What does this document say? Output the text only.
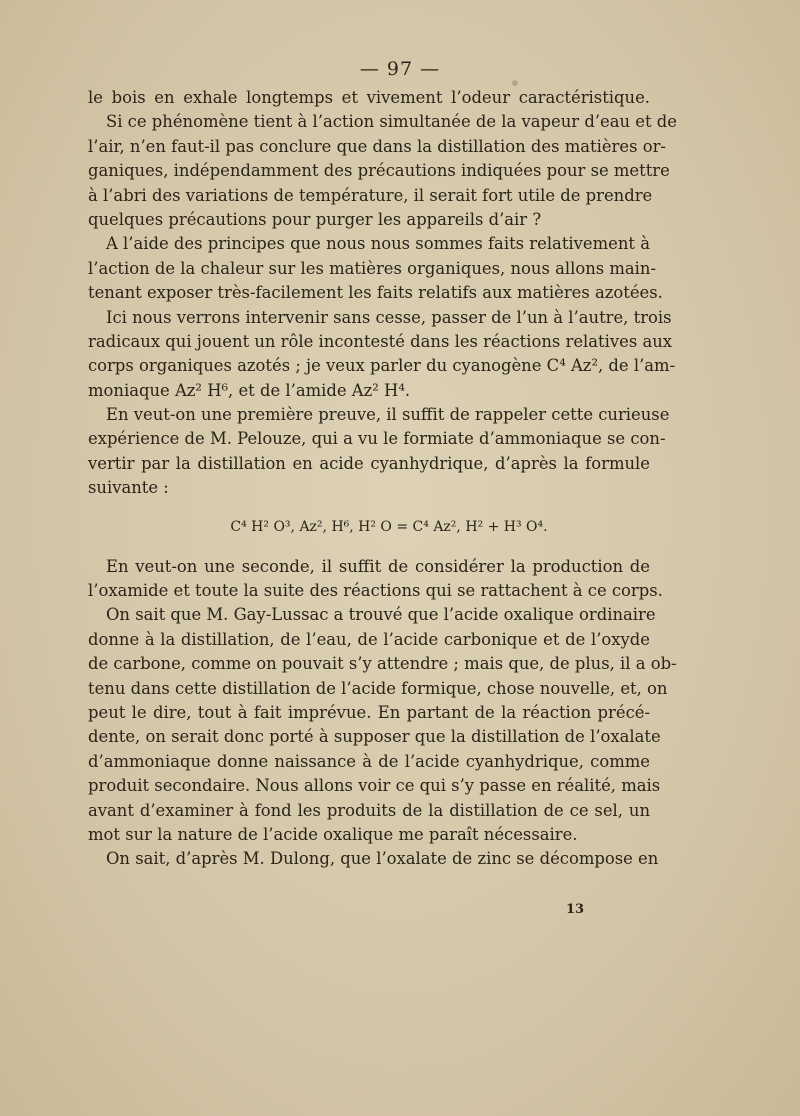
— 97 —
le bois en exhale longtemps et vivement l’odeur caractéristique.
Si ce phénomène tient à l’action simultanée de la vapeur d’eau et de
l’air, n’en faut-il pas conclure que dans la distillation des matières or-
ganiques, indépendamment des précautions indiquées pour se mettre
à l’abri des variations de température, il serait fort utile de prendre
quelques précautions pour purger les appareils d’air ?
A l’aide des principes que nous nous sommes faits relativement à
l’action de la chaleur sur les matières organiques, nous allons main-
tenant exposer très-facilement les faits relatifs aux matières azotées.
Ici nous verrons intervenir sans cesse, passer de l’un à l’autre, trois
radicaux qui jouent un rôle incontesté dans les réactions relatives aux
corps organiques azotés ; je veux parler du cyanogène C⁴ Az², de l’am-
moniaque Az² H⁶, et de l’amide Az² H⁴.
En veut-on une première preuve, il suffit de rappeler cette curieuse
expérience de M. Pelouze, qui a vu le formiate d’ammoniaque se con-
vertir par la distillation en acide cyanhydrique, d’après la formule
suivante :
C⁴ H² O³, Az², H⁶, H² O = C⁴ Az², H² + H³ O⁴.
En veut-on une seconde, il suffit de considérer la production de
l’oxamide et toute la suite des réactions qui se rattachent à ce corps.
On sait que M. Gay-Lussac a trouvé que l’acide oxalique ordinaire
donne à la distillation, de l’eau, de l’acide carbonique et de l’oxyde
de carbone, comme on pouvait s’y attendre ; mais que, de plus, il a ob-
tenu dans cette distillation de l’acide formique, chose nouvelle, et, on
peut le dire, tout à fait imprévue. En partant de la réaction précé-
dente, on serait donc porté à supposer que la distillation de l’oxalate
d’ammoniaque donne naissance à de l’acide cyanhydrique, comme
produit secondaire. Nous allons voir ce qui s’y passe en réalité, mais
avant d’examiner à fond les produits de la distillation de ce sel, un
mot sur la nature de l’acide oxalique me paraît nécessaire.
On sait, d’après M. Dulong, que l’oxalate de zinc se décompose en
13
